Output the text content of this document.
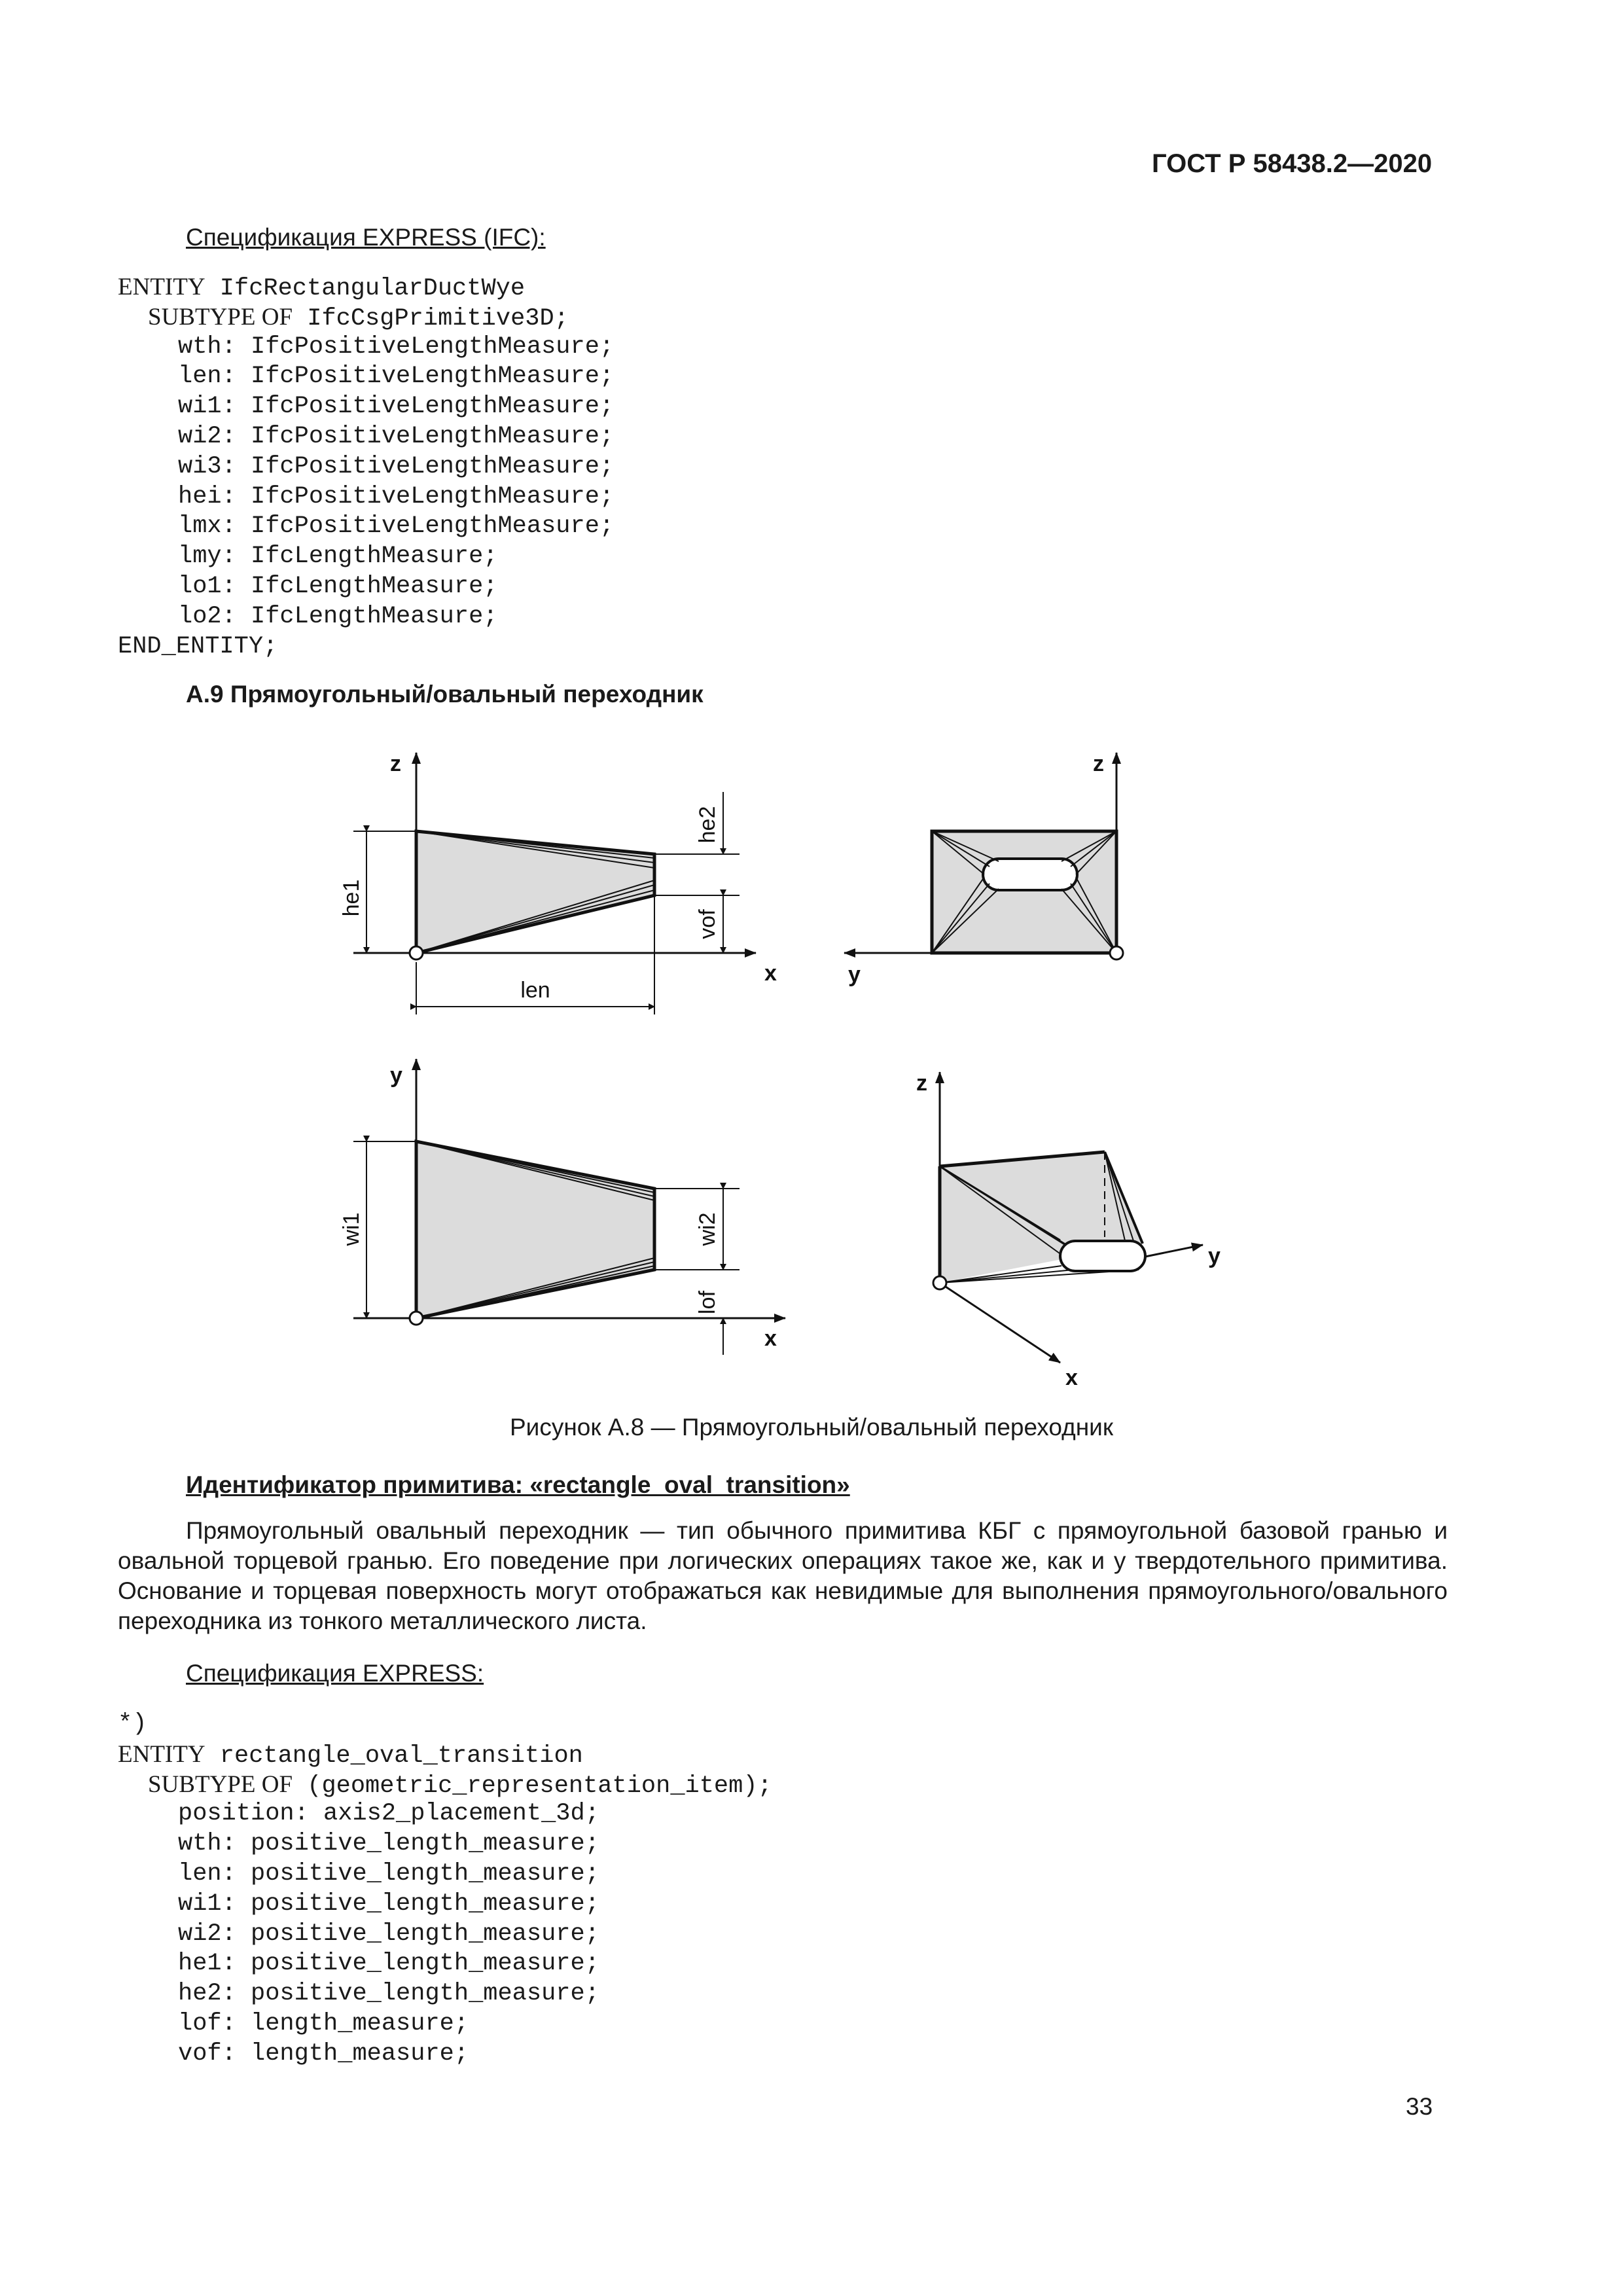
ГОСТ Р 58438.2—2020
Спецификация EXPRESS (IFC):
ENTITY IfcRectangularDuctWye
SUBTYPE OF IfcCsgPrimitive3D;
wth: IfcPositiveLengthMeasure;
len: IfcPositiveLengthMeasure;
wi1: IfcPositiveLengthMeasure;
wi2: IfcPositiveLengthMeasure;
wi3: IfcPositiveLengthMeasure;
hei: IfcPositiveLengthMeasure;
lmx: IfcPositiveLengthMeasure;
lmy: IfcLengthMeasure;
lo1: IfcLengthMeasure;
lo2: IfcLengthMeasure;
END_ENTITY;
А.9 Прямоугольный/овальный переходник
z
x
he1
he2
vof
len
z
y
y
x
wi1	wi2
lof
z
y
x
Рисунок А.8 — Прямоугольный/овальный переходник
Идентификатор примитива: «rectangle_oval_transition»

Прямоугольный овальный переходник — тип обычного примитива КБГ с прямоугольной базовой гранью и овальной торцевой гранью. Его поведение при логических операциях такое же, как и у твердотельного примитива. Основание и торцевая поверхность могут отображаться как невидимые для выполнения прямоугольного/овального переходника из тонкого металлического листа.

Спецификация EXPRESS:
*)
ENTITY rectangle_oval_transition
SUBTYPE OF (geometric_representation_item);
position: axis2_placement_3d;
wth: positive_length_measure;
len: positive_length_measure;
wi1: positive_length_measure;
wi2: positive_length_measure;
he1: positive_length_measure;
he2: positive_length_measure;
lof: length_measure;
vof: length_measure;
33
